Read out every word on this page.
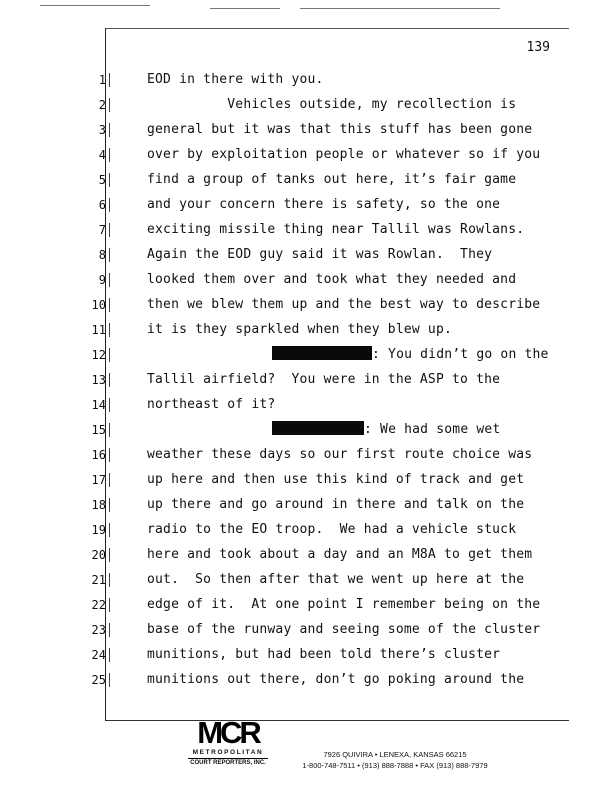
139
1	EOD in there with you.
2	Vehicles outside, my recollection is
3	general but it was that this stuff has been gone
4	over by exploitation people or whatever so if you
5	find a group of tanks out here, it’s fair game
6	and your concern there is safety, so the one
7	exciting missile thing near Tallil was Rowlans.
8	Again the EOD guy said it was Rowlan.  They
9	looked them over and took what they needed and
10	then we blew them up and the best way to describe
11	it is they sparkled when they blew up.
12	: You didn’t go on the
13	Tallil airfield?  You were in the ASP to the
14	northeast of it?
15	: We had some wet
16	weather these days so our first route choice was
17	up here and then use this kind of track and get
18	up there and go around in there and talk on the
19	radio to the EO troop.  We had a vehicle stuck
20	here and took about a day and an M8A to get them
21	out.  So then after that we went up here at the
22	edge of it.  At one point I remember being on the
23	base of the runway and seeing some of the cluster
24	munitions, but had been told there’s cluster
25	munitions out there, don’t go poking around the
MCR
METROPOLITAN
COURT REPORTERS, INC.
7926 QUIVIRA • LENEXA, KANSAS 66215
1-800-748-7511 • (913) 888-7888 • FAX (913) 888-7979
